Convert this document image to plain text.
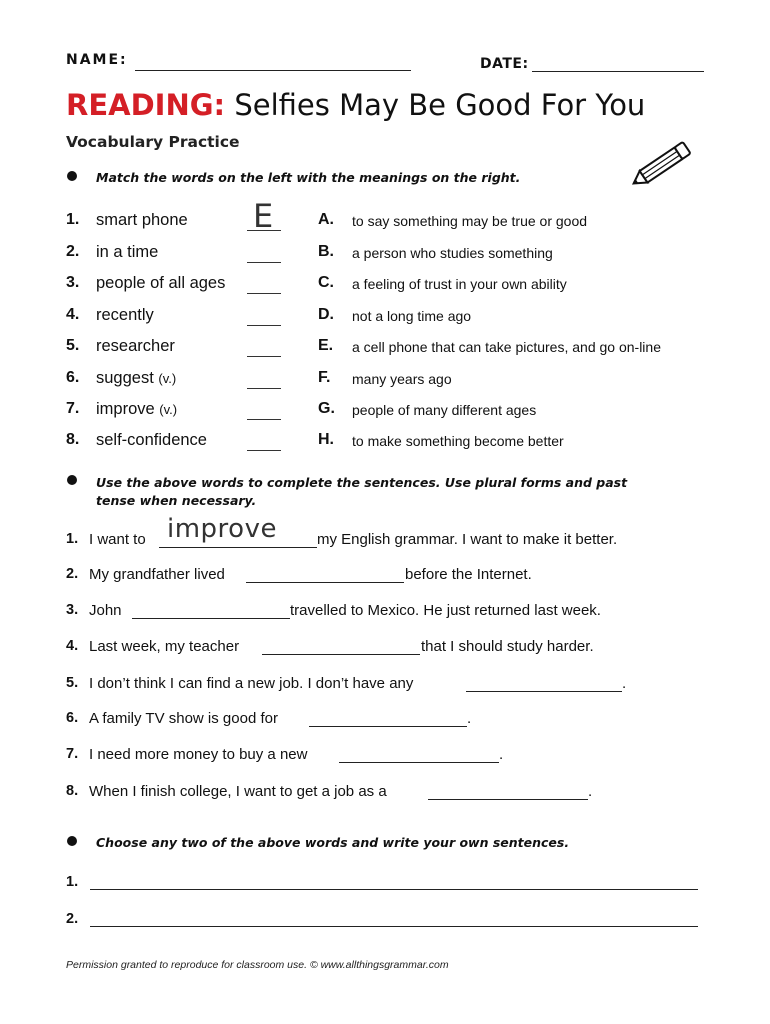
NAME:	DATE:
READING: Selfies May Be Good For You
Vocabulary Practice
Match the words on the left with the meanings on the right.
1. smart phone	A. to say something may be true or good
2. in a time	B. a person who studies something
3. people of all ages	C. a feeling of trust in your own ability
4. recently	D. not a long time ago
5. researcher	E. a cell phone that can take pictures, and go on-line
6. suggest (v.)	F. many years ago
7. improve (v.)	G. people of many different ages
8. self-confidence	H. to make something become better
E
Use the above words to complete the sentences. Use plural forms and past
tense when necessary.
1. I want to	my English grammar. I want to make it better.
2. My grandfather lived	before the Internet.
3. John	travelled to Mexico. He just returned last week.
4. Last week, my teacher	that I should study harder.
5. I don’t think I can find a new job. I don’t have any	.
6. A family TV show is good for	.
7. I need more money to buy a new	.
8. When I finish college, I want to get a job as a	.
improve
Choose any two of the above words and write your own sentences.
1.
2.
Permission granted to reproduce for classroom use. © www.allthingsgrammar.com
